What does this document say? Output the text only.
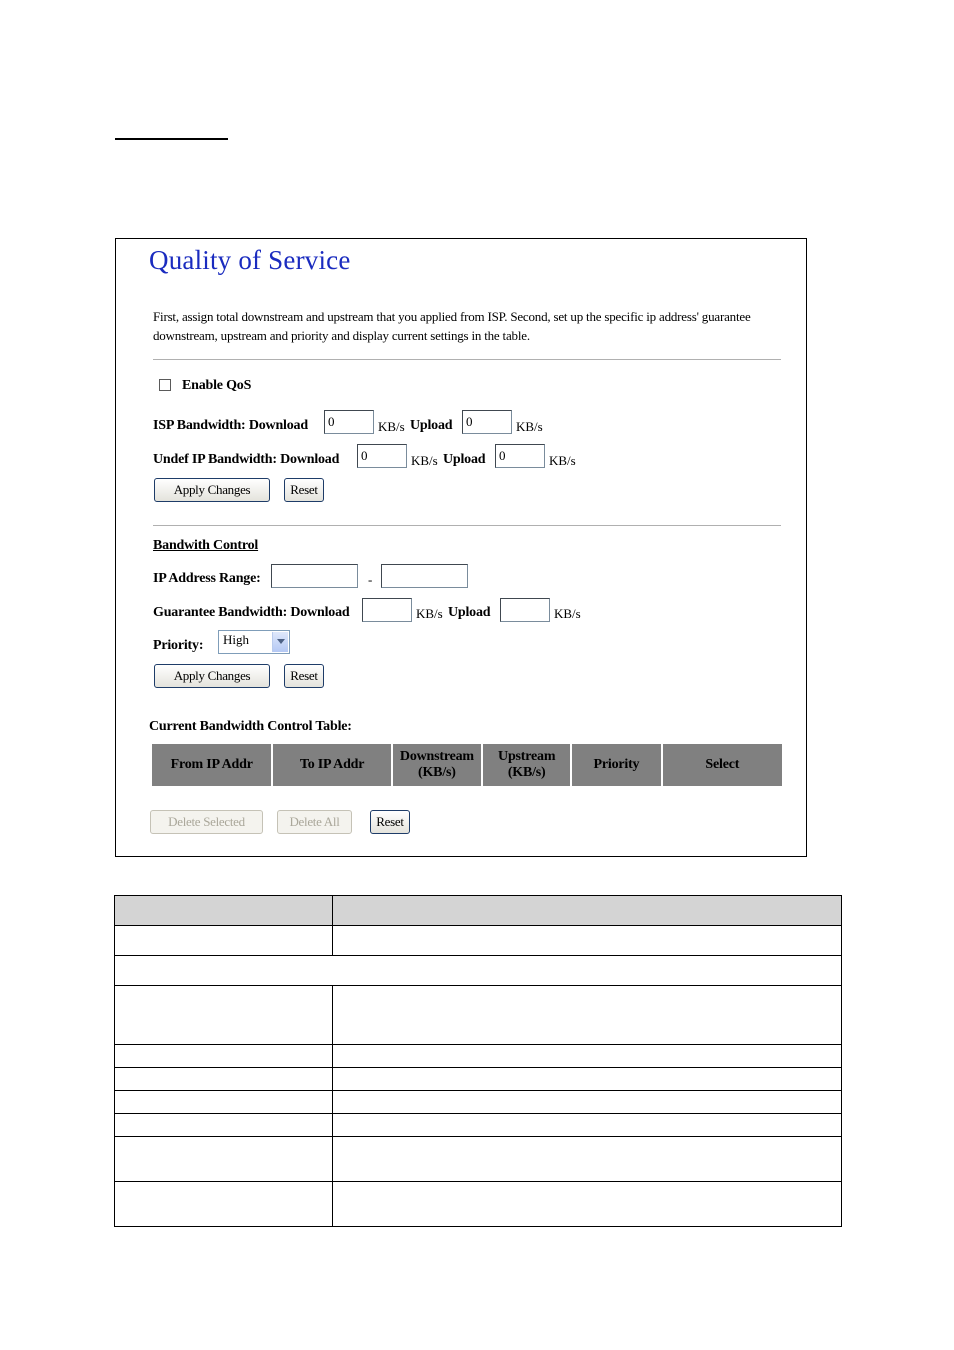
Quality of Service
First, assign total downstream and upstream that you applied from ISP. Second, set up the specific ip address' guarantee downstream, upstream and priority and display current settings in the table.
Enable QoS
ISP Bandwidth: Download
0	KB/s Upload
0	KB/s
Undef IP Bandwidth: Download
0	KB/s Upload
0	KB/s
Apply Changes	Reset
Bandwith Control
IP Address Range:	-
Guarantee Bandwidth: Download	KB/s Upload	KB/s
Priority: High
Apply Changes	Reset
Current Bandwidth Control Table:
From IP Addr	To IP Addr	Downstream (KB/s)	Upstream (KB/s)	Priority	Select
Delete Selected	Delete All	Reset
